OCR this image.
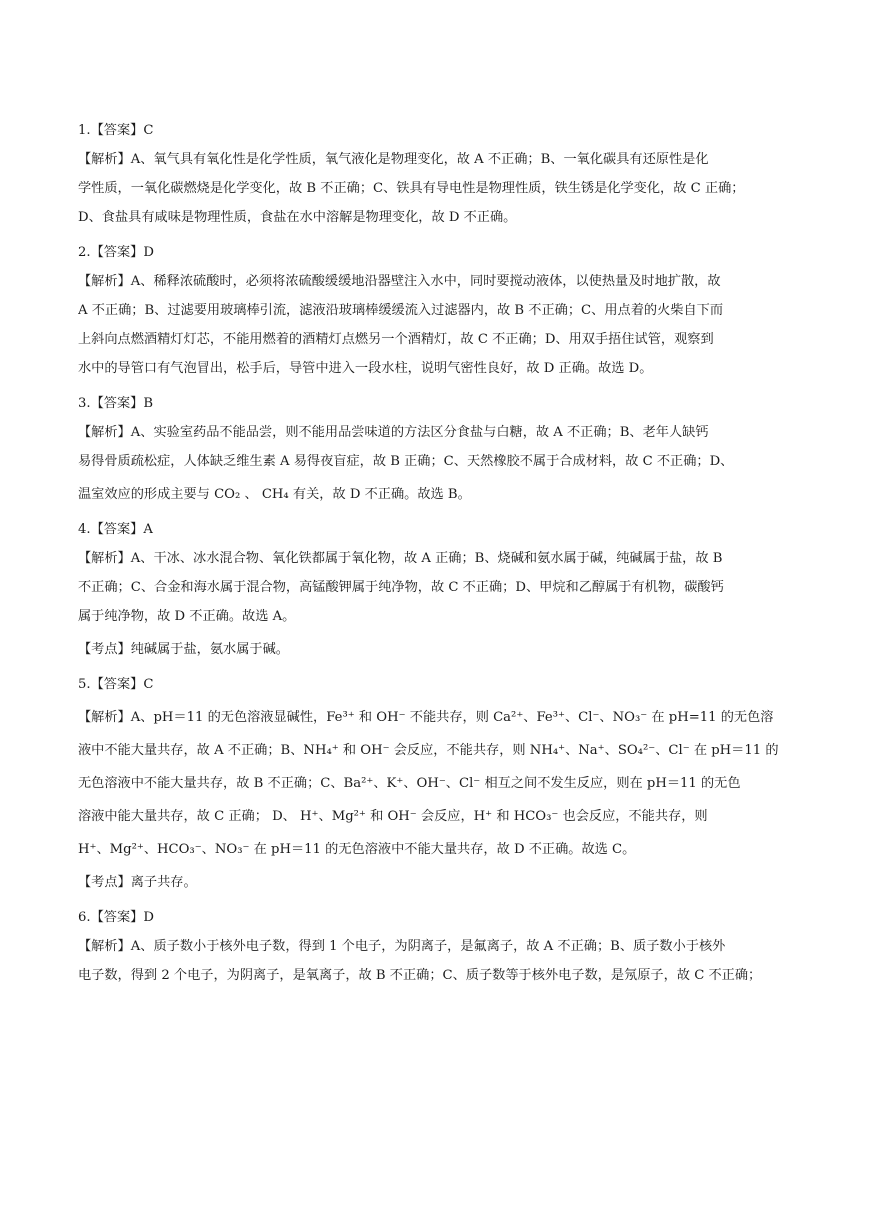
1.【答案】C
【解析】A、氧气具有氧化性是化学性质，氧气液化是物理变化，故 A 不正确；B、一氧化碳具有还原性是化
学性质，一氧化碳燃烧是化学变化，故 B 不正确；C、铁具有导电性是物理性质，铁生锈是化学变化，故 C 正确；
D、食盐具有咸味是物理性质，食盐在水中溶解是物理变化，故 D 不正确。
2.【答案】D
【解析】A、稀释浓硫酸时，必须将浓硫酸缓缓地沿器壁注入水中，同时要搅动液体，以使热量及时地扩散，故
A 不正确；B、过滤要用玻璃棒引流，滤液沿玻璃棒缓缓流入过滤器内，故 B 不正确；C、用点着的火柴自下而
上斜向点燃酒精灯灯芯，不能用燃着的酒精灯点燃另一个酒精灯，故 C 不正确；D、用双手捂住试管，观察到
水中的导管口有气泡冒出，松手后，导管中进入一段水柱，说明气密性良好，故 D 正确。故选 D。
3.【答案】B
【解析】A、实验室药品不能品尝，则不能用品尝味道的方法区分食盐与白糖，故 A 不正确；B、老年人缺钙
易得骨质疏松症，人体缺乏维生素 A 易得夜盲症，故 B 正确；C、天然橡胶不属于合成材料，故 C 不正确；D、
温室效应的形成主要与 CO₂ 、 CH₄ 有关，故 D 不正确。故选 B。
4.【答案】A
【解析】A、干冰、冰水混合物、氧化铁都属于氧化物，故 A 正确；B、烧碱和氨水属于碱，纯碱属于盐，故 B
不正确；C、合金和海水属于混合物，高锰酸钾属于纯净物，故 C 不正确；D、甲烷和乙醇属于有机物，碳酸钙
属于纯净物，故 D 不正确。故选 A。
【考点】纯碱属于盐，氨水属于碱。
5.【答案】C
【解析】A、pH＝11 的无色溶液显碱性，Fe³⁺ 和 OH⁻ 不能共存，则 Ca²⁺、Fe³⁺、Cl⁻、NO₃⁻ 在 pH=11 的无色溶
液中不能大量共存，故 A 不正确；B、NH₄⁺ 和 OH⁻ 会反应，不能共存，则 NH₄⁺、Na⁺、SO₄²⁻、Cl⁻ 在 pH＝11 的
无色溶液中不能大量共存，故 B 不正确；C、Ba²⁺、K⁺、OH⁻、Cl⁻ 相互之间不发生反应，则在 pH＝11 的无色
溶液中能大量共存，故 C 正确； D、 H⁺、Mg²⁺ 和 OH⁻ 会反应，H⁺ 和 HCO₃⁻ 也会反应，不能共存，则
H⁺、Mg²⁺、HCO₃⁻、NO₃⁻ 在 pH＝11 的无色溶液中不能大量共存，故 D 不正确。故选 C。
【考点】离子共存。
6.【答案】D
【解析】A、质子数小于核外电子数，得到 1 个电子，为阴离子，是氟离子，故 A 不正确；B、质子数小于核外
电子数，得到 2 个电子，为阴离子，是氧离子，故 B 不正确；C、质子数等于核外电子数，是氖原子，故 C 不正确；
